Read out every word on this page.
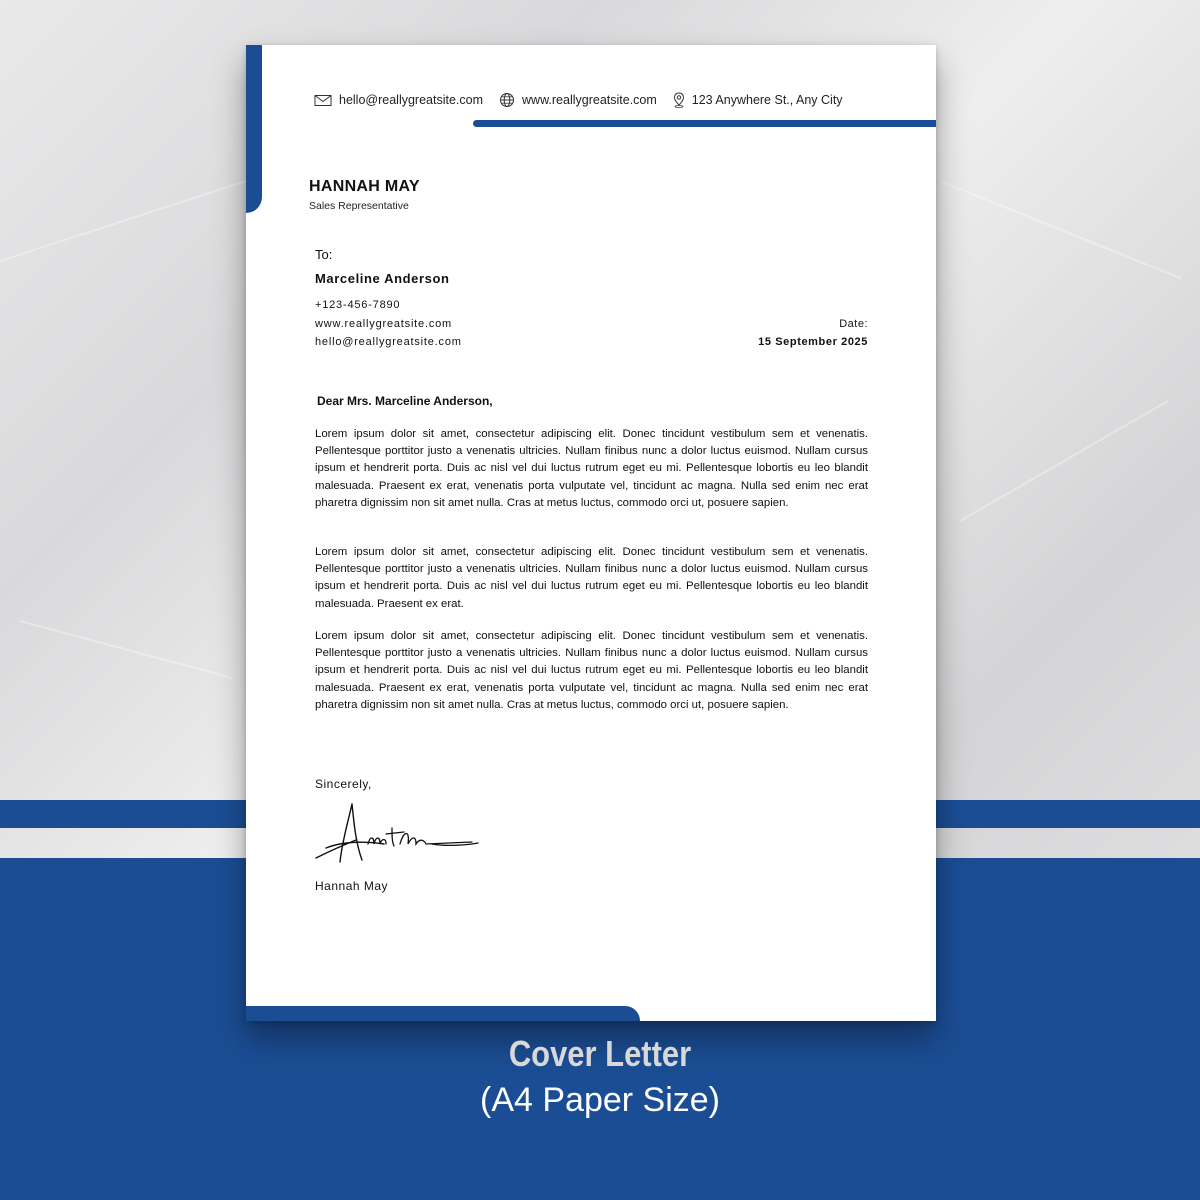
hello@reallygreatsite.com	www.reallygreatsite.com	123 Anywhere St., Any City
HANNAH MAY
Sales Representative
To:
Marceline Anderson
+123-456-7890
www.reallygreatsite.com
hello@reallygreatsite.com
Date:
15 September 2025
Dear Mrs. Marceline Anderson,
Lorem ipsum dolor sit amet, consectetur adipiscing elit. Donec tincidunt vestibulum sem et venenatis. Pellentesque porttitor justo a venenatis ultricies. Nullam finibus nunc a dolor luctus euismod. Nullam cursus ipsum et hendrerit porta. Duis ac nisl vel dui luctus rutrum eget eu mi. Pellentesque lobortis eu leo blandit malesuada. Praesent ex erat, venenatis porta vulputate vel, tincidunt ac magna. Nulla sed enim nec erat pharetra dignissim non sit amet nulla. Cras at metus luctus, commodo orci ut, posuere sapien.
Lorem ipsum dolor sit amet, consectetur adipiscing elit. Donec tincidunt vestibulum sem et venenatis. Pellentesque porttitor justo a venenatis ultricies. Nullam finibus nunc a dolor luctus euismod. Nullam cursus ipsum et hendrerit porta. Duis ac nisl vel dui luctus rutrum eget eu mi. Pellentesque lobortis eu leo blandit malesuada. Praesent ex erat.
Lorem ipsum dolor sit amet, consectetur adipiscing elit. Donec tincidunt vestibulum sem et venenatis. Pellentesque porttitor justo a venenatis ultricies. Nullam finibus nunc a dolor luctus euismod. Nullam cursus ipsum et hendrerit porta. Duis ac nisl vel dui luctus rutrum eget eu mi. Pellentesque lobortis eu leo blandit malesuada. Praesent ex erat, venenatis porta vulputate vel, tincidunt ac magna. Nulla sed enim nec erat pharetra dignissim non sit amet nulla. Cras at metus luctus, commodo orci ut, posuere sapien.
Sincerely,
Hannah May
Cover Letter
(A4 Paper Size)
